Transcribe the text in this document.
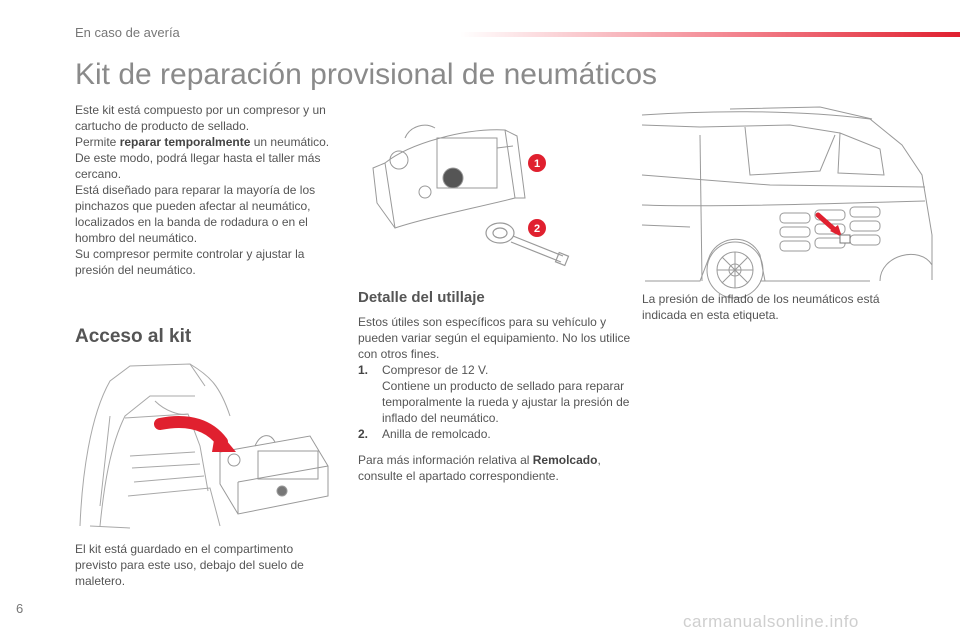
En caso de avería
Kit de reparación provisional de neumáticos

Este kit está compuesto por un compresor y un cartucho de producto de sellado.

Permite reparar temporalmente un neumático.

De este modo, podrá llegar hasta el taller más cercano.

Está diseñado para reparar la mayoría de los pinchazos que pueden afectar al neumático, localizados en la banda de rodadura o en el hombro del neumático.

Su compresor permite controlar y ajustar la presión del neumático.

Acceso al kit
El kit está guardado en el compartimento previsto para este uso, debajo del suelo de maletero.
1
2
Detalle del utillaje

Estos útiles son específicos para su vehículo y pueden variar según el equipamiento. No los utilice con otros fines.

1. Compresor de 12 V.
Contiene un producto de sellado para reparar temporalmente la rueda y ajustar la presión de inflado del neumático.

2. Anilla de remolcado.

Para más información relativa al Remolcado, consulte el apartado correspondiente.

La presión de inflado de los neumáticos está indicada en esta etiqueta.
6
carmanualsonline.info
